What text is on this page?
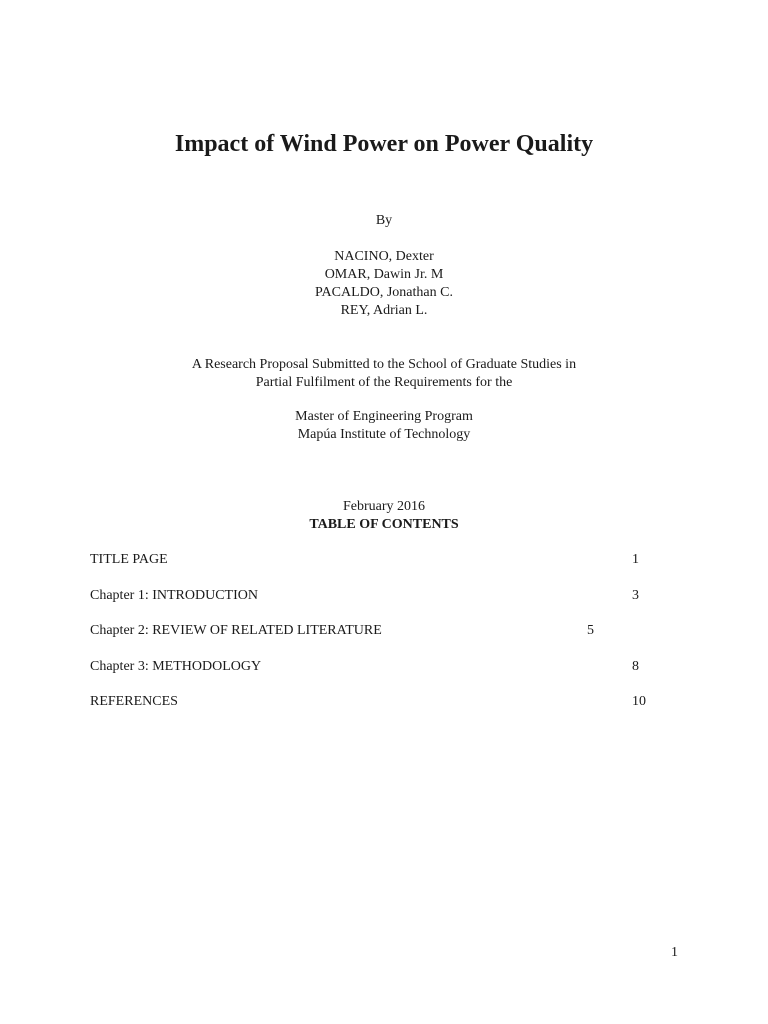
Impact of Wind Power on Power Quality
By
NACINO, Dexter
OMAR, Dawin Jr. M
PACALDO, Jonathan C.
REY, Adrian L.
A Research Proposal Submitted to the School of Graduate Studies in
Partial Fulfilment of the Requirements for the
Master of Engineering Program
Mapúa Institute of Technology
February 2016
TABLE OF CONTENTS
TITLE PAGE	1
Chapter 1: INTRODUCTION	3
Chapter 2: REVIEW OF RELATED LITERATURE	5
Chapter 3: METHODOLOGY	8
REFERENCES	10
1
